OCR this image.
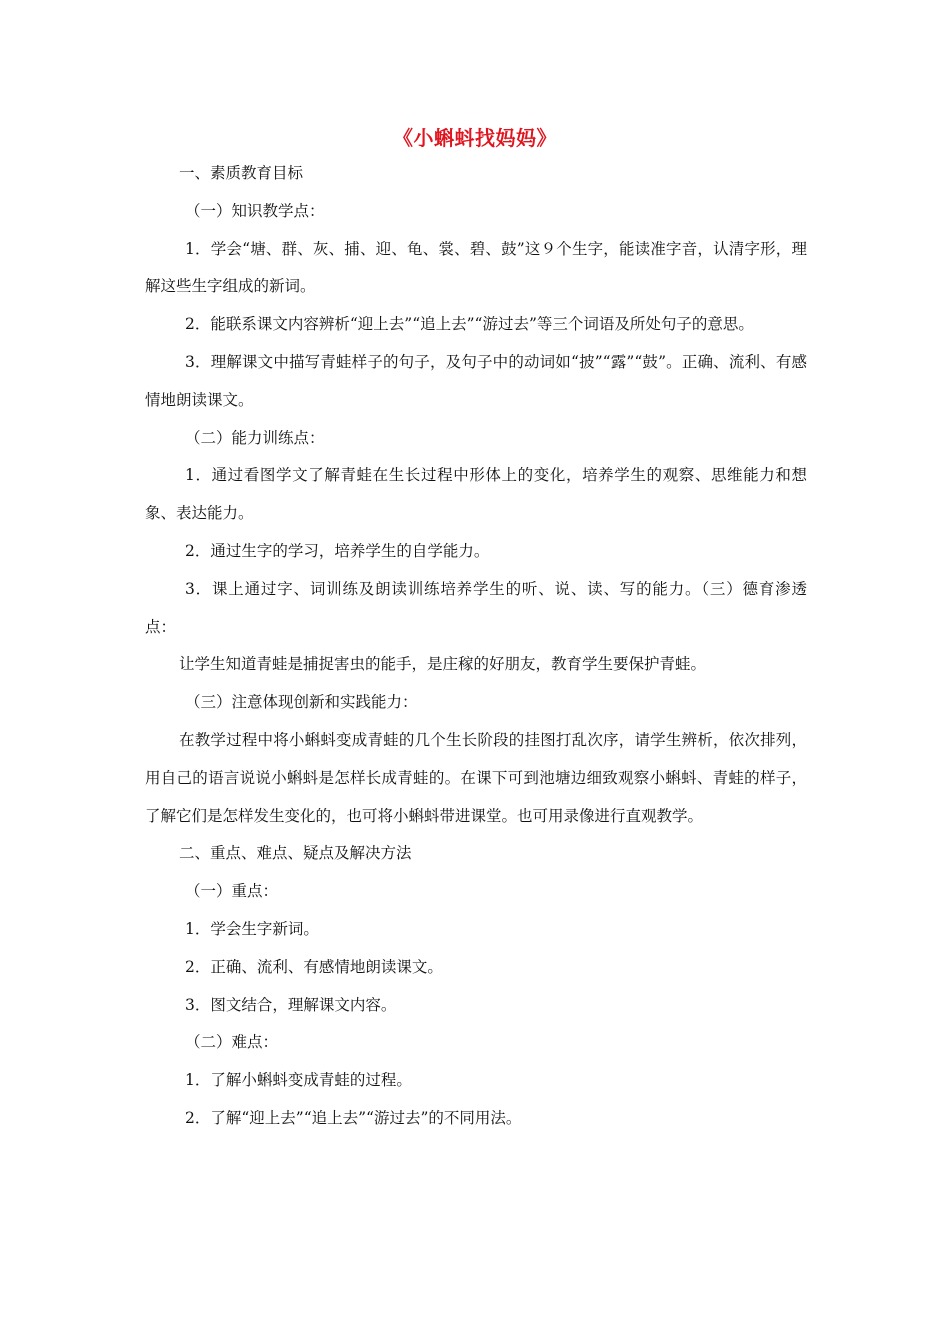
《小蝌蚪找妈妈》

一、素质教育目标

（一）知识教学点：

1．学会“塘、群、灰、捕、迎、龟、裳、碧、鼓”这９个生字，能读准字音，认清字形，理解这些生字组成的新词。

2．能联系课文内容辨析“迎上去”“追上去”“游过去”等三个词语及所处句子的意思。

3．理解课文中描写青蛙样子的句子，及句子中的动词如“披”“露”“鼓”。正确、流利、有感情地朗读课文。

（二）能力训练点：

1．通过看图学文了解青蛙在生长过程中形体上的变化，培养学生的观察、思维能力和想象、表达能力。

2．通过生字的学习，培养学生的自学能力。

3．课上通过字、词训练及朗读训练培养学生的听、说、读、写的能力。（三）德育渗透点：

让学生知道青蛙是捕捉害虫的能手，是庄稼的好朋友，教育学生要保护青蛙。

（三）注意体现创新和实践能力：

在教学过程中将小蝌蚪变成青蛙的几个生长阶段的挂图打乱次序，请学生辨析，依次排列，用自己的语言说说小蝌蚪是怎样长成青蛙的。在课下可到池塘边细致观察小蝌蚪、青蛙的样子，了解它们是怎样发生变化的，也可将小蝌蚪带进课堂。也可用录像进行直观教学。

二、重点、难点、疑点及解决方法

（一）重点：

1．学会生字新词。

2．正确、流利、有感情地朗读课文。

3．图文结合，理解课文内容。

（二）难点：

1．了解小蝌蚪变成青蛙的过程。

2．了解“迎上去”“追上去”“游过去”的不同用法。
